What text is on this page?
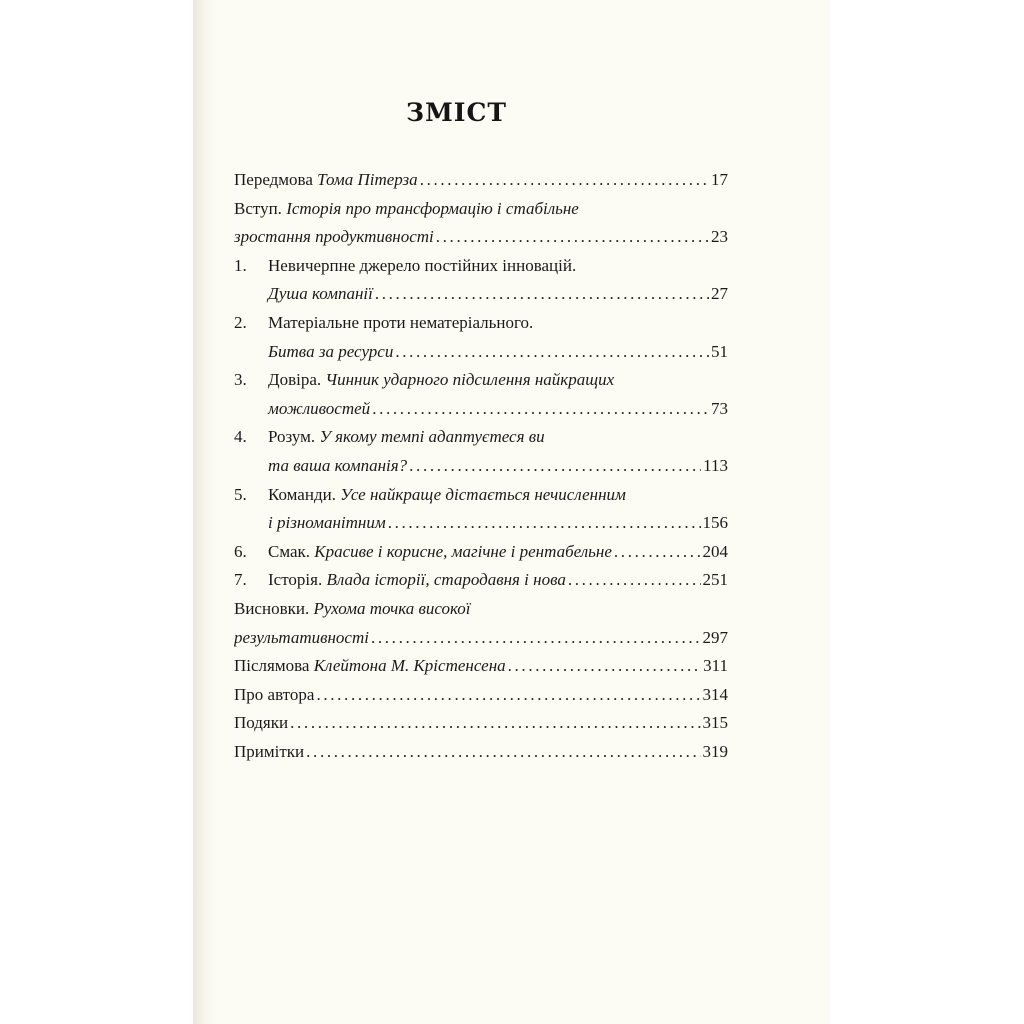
ЗМІСТ
Передмова Тома Пітерза . . .	17
Вступ. Історія про трансформацію і стабільне
зростання продуктивності . . .	23
1.	Невичерпне джерело постійних інновацій.
Душа компанії . . .	27
2.	Матеріальне проти нематеріального.
Битва за ресурси . . .	51
3.	Довіра. Чинник ударного підсилення найкращих
можливостей . . .	73
4.	Розум. У якому темпі адаптуєтеся ви
та ваша компанія? . . .	113
5.	Команди. Усе найкраще дістається нечисленним
і різноманітним . . .	156
6.	Смак. Красиве і корисне, магічне і рентабельне . . .	204
7.	Історія. Влада історії, стародавня і нова . . .	251
Висновки. Рухома точка високої
результативності . . .	297
Післямова Клейтона М. Крістенсена . . .	311
Про автора . . .	314
Подяки . . .	315
Примітки . . .	319
